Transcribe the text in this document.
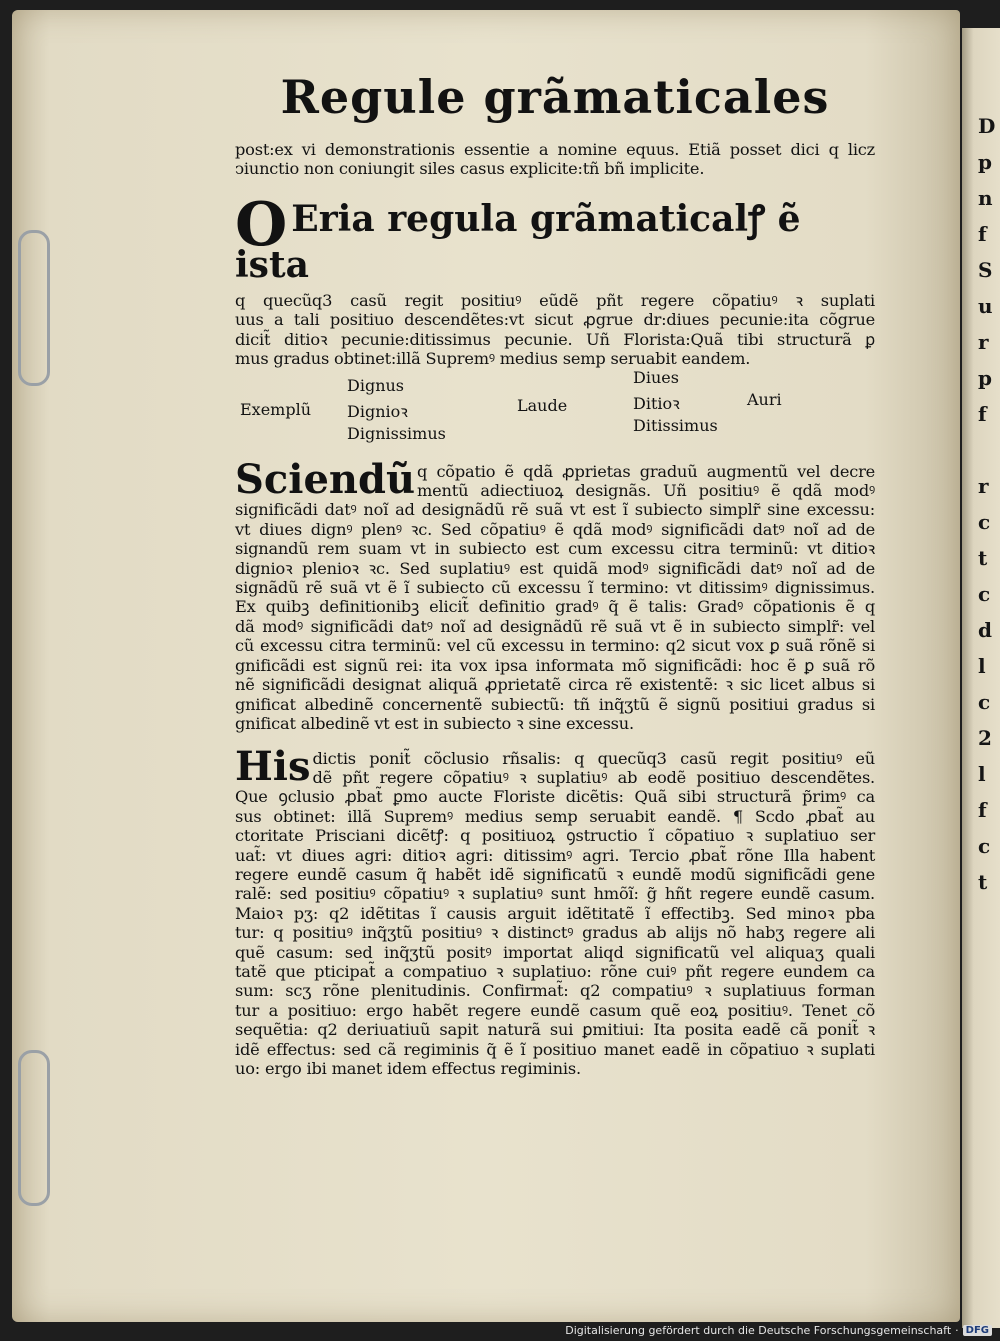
D
p
n
f
S
u
r
p
f

r
c
t
c
d
l
c
2
l
f
c
t
Regule grãmaticales

post:ex vi demonstrationis essentie a nomine equus. Etiã posset dici q licz

ↄiunctio non coniungit siles casus explicite:tñ bñ implicite.

O Eria regula grãmaticalꝭ ẽ ista

q quecũq3 casũ regit positiuꝰ eũdẽ pñt regere cõpatiuꝰ ꝛ suplati

uus a tali positiuo descendẽtes:vt sicut ꝓgrue dr:diues pecunie:ita cõgrue

dicit̃ ditioꝛ pecunie:ditissimus pecunie. Uñ Florista:Quã tibi structurã ꝑ

mus gradus obtinet:illã Supremꝰ medius semp seruabit eandem.

Exemplũ
Dignus
Dignioꝛ
Dignissimus
Laude
Diues
Ditioꝛ
Ditissimus
Auri
Sciendũ q cõpatio ẽ qdã ꝓprietas graduũ augmentũ vel decre

mentũ adiectiuoꝝ designãs. Uñ positiuꝰ ẽ qdã modꝰ

significãdi datꝰ noĩ ad designãdũ rẽ suã vt est ĩ subiecto simplr̃ sine excessu:

vt diues dignꝰ plenꝰ ꝛc. Sed cõpatiuꝰ ẽ qdã modꝰ significãdi datꝰ noĩ ad de

signandũ rem suam vt in subiecto est cum excessu citra terminũ: vt ditioꝛ

dignioꝛ plenioꝛ ꝛc. Sed suplatiuꝰ est quidã modꝰ significãdi datꝰ noĩ ad de

signãdũ rẽ suã vt ẽ ĩ subiecto cũ excessu ĩ termino: vt ditissimꝰ dignissimus.

Ex quibꝫ definitionibꝫ elicit̃ definitio gradꝰ q̃ ẽ talis: Gradꝰ cõpationis ẽ q

dã modꝰ significãdi datꝰ noĩ ad designãdũ rẽ suã vt ẽ in subiecto simplr̃: vel

cũ excessu citra terminũ: vel cũ excessu in termino: q2 sicut vox ꝑ suã rõnẽ si

gnificãdi est signũ rei: ita vox ipsa informata mõ significãdi: hoc ẽ ꝑ suã rõ

nẽ significãdi designat aliquã ꝓprietatẽ circa rẽ existentẽ: ꝛ sic licet albus si

gnificat albedinẽ concernentẽ subiectũ: tñ inq̃ʒtũ ẽ signũ positiui gradus si

gnificat albedinẽ vt est in subiecto ꝛ sine excessu.

His dictis ponit̃ cõclusio rñsalis: q quecũq3 casũ regit positiuꝰ eũ

dẽ pñt regere cõpatiuꝰ ꝛ suplatiuꝰ ab eodẽ positiuo descendẽtes.

Que ꝯclusio ꝓbat̃ ꝑmo aucte Floriste dicẽtis: Quã sibi structurã p̃rimꝰ ca

sus obtinet: illã Supremꝰ medius semp seruabit eandẽ. ¶ Scdo ꝓbat̃ au

ctoritate Prisciani dicẽtꝭ: q positiuoꝝ ꝯstructio ĩ cõpatiuo ꝛ suplatiuo ser

uat̃: vt diues agri: ditioꝛ agri: ditissimꝰ agri. Tercio ꝓbat̃ rõne Illa habent

regere eundẽ casum q̃ habẽt idẽ significatũ ꝛ eundẽ modũ significãdi gene

ralẽ: sed positiuꝰ cõpatiuꝰ ꝛ suplatiuꝰ sunt hmõĩ: g̃ hñt regere eundẽ casum.

Maioꝛ pʒ: q2 idẽtitas ĩ causis arguit idẽtitatẽ ĩ effectibꝫ. Sed minoꝛ pba

tur: q positiuꝰ inq̃ʒtũ positiuꝰ ꝛ distinctꝰ gradus ab alijs nõ habʒ regere ali

quẽ casum: sed inq̃ʒtũ positꝰ importat aliqd significatũ vel aliquaʒ quali

tatẽ que pticipat̃ a compatiuo ꝛ suplatiuo: rõne cuiꝰ pñt regere eundem ca

sum: scʒ rõne plenitudinis. Confirmat̃: q2 compatiuꝰ ꝛ suplatiuus forman

tur a positiuo: ergo habẽt regere eundẽ casum quẽ eoꝝ positiuꝰ. Tenet cõ

sequẽtia: q2 deriuatiuũ sapit naturã sui ꝑmitiui: Ita posita eadẽ cã ponit̃ ꝛ

idẽ effectus: sed cã regiminis q̃ ẽ ĩ positiuo manet eadẽ in cõpatiuo ꝛ suplati

uo: ergo ibi manet idem effectus regiminis.

Digitalisierung gefördert durch die Deutsche Forschungsgemeinschaft · DFG
